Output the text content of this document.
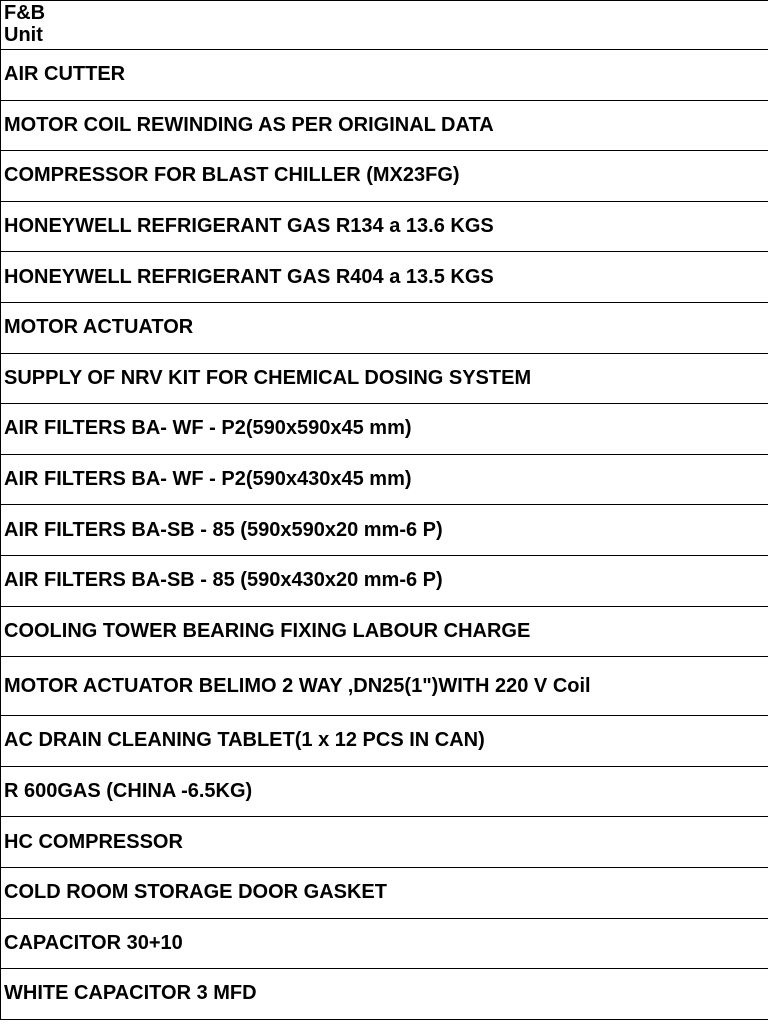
F&B
Unit
AIR CUTTER
MOTOR COIL REWINDING AS PER ORIGINAL DATA
COMPRESSOR FOR BLAST CHILLER (MX23FG)
HONEYWELL REFRIGERANT GAS R134 a 13.6 KGS
HONEYWELL REFRIGERANT GAS R404 a 13.5 KGS
MOTOR ACTUATOR
SUPPLY OF NRV KIT FOR CHEMICAL DOSING SYSTEM
AIR FILTERS BA- WF - P2(590x590x45 mm)
AIR FILTERS BA- WF - P2(590x430x45 mm)
AIR FILTERS BA-SB - 85 (590x590x20 mm-6 P)
AIR FILTERS BA-SB - 85 (590x430x20 mm-6 P)
COOLING TOWER BEARING FIXING LABOUR CHARGE
MOTOR ACTUATOR BELIMO 2 WAY ,DN25(1")WITH 220 V Coil
AC DRAIN CLEANING TABLET(1 x 12 PCS IN CAN)
R 600GAS (CHINA -6.5KG)
HC COMPRESSOR
COLD ROOM STORAGE DOOR GASKET
CAPACITOR 30+10
WHITE CAPACITOR 3 MFD
